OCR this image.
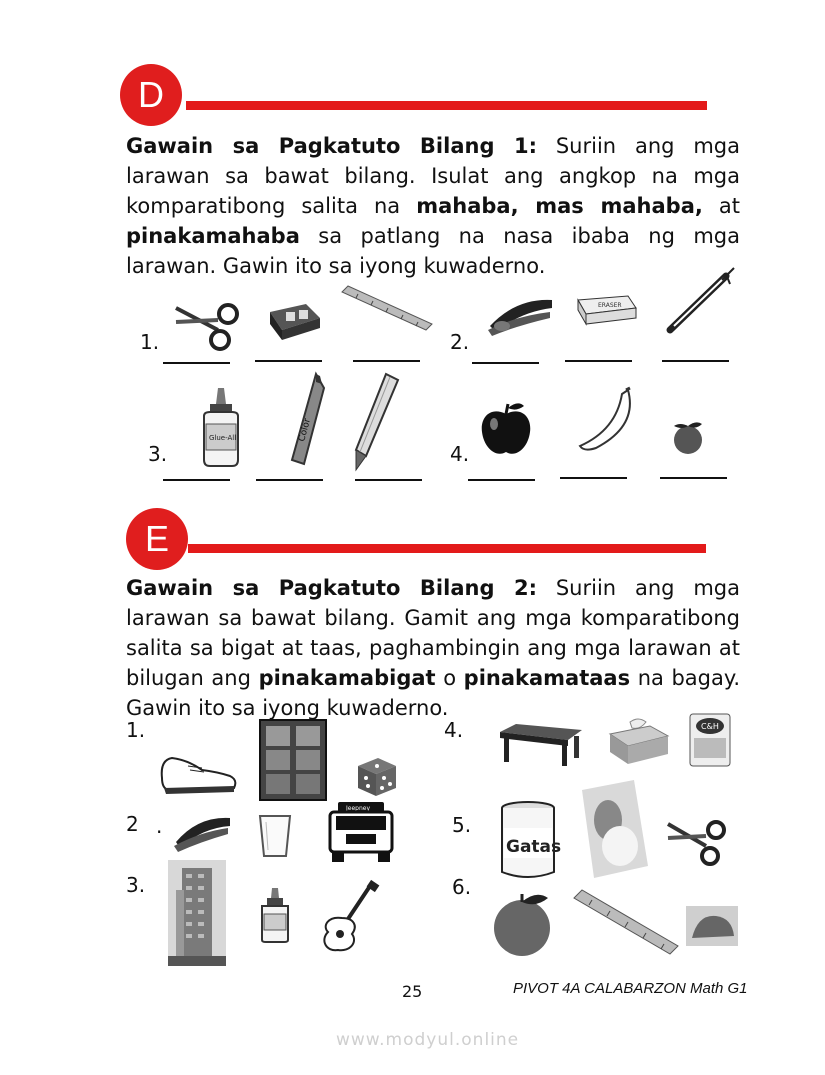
D
Gawain sa Pagkatuto Bilang 1: Suriin ang mga larawan sa bawat bilang. Isulat ang angkop na mga komparatibong salita na mahaba, mas mahaba, at pinakamahaba sa patlang na nasa ibaba ng mga larawan. Gawin ito sa iyong kuwaderno.
1.	2.
3.	4.
ERASER
Glue-All	Color
E
Gawain sa Pagkatuto Bilang 2: Suriin ang mga larawan sa bawat bilang. Gamit ang mga komparatibong salita sa bigat at taas, paghambingin ang mga larawan at bilugan ang pinakamabigat o pinakamataas na bagay. Gawin ito sa iyong kuwaderno.
1.
2 .
3.
4.
5.
6.
Jeepney
C&H
Gatas
25	PIVOT 4A CALABARZON Math G1
www.modyul.online
